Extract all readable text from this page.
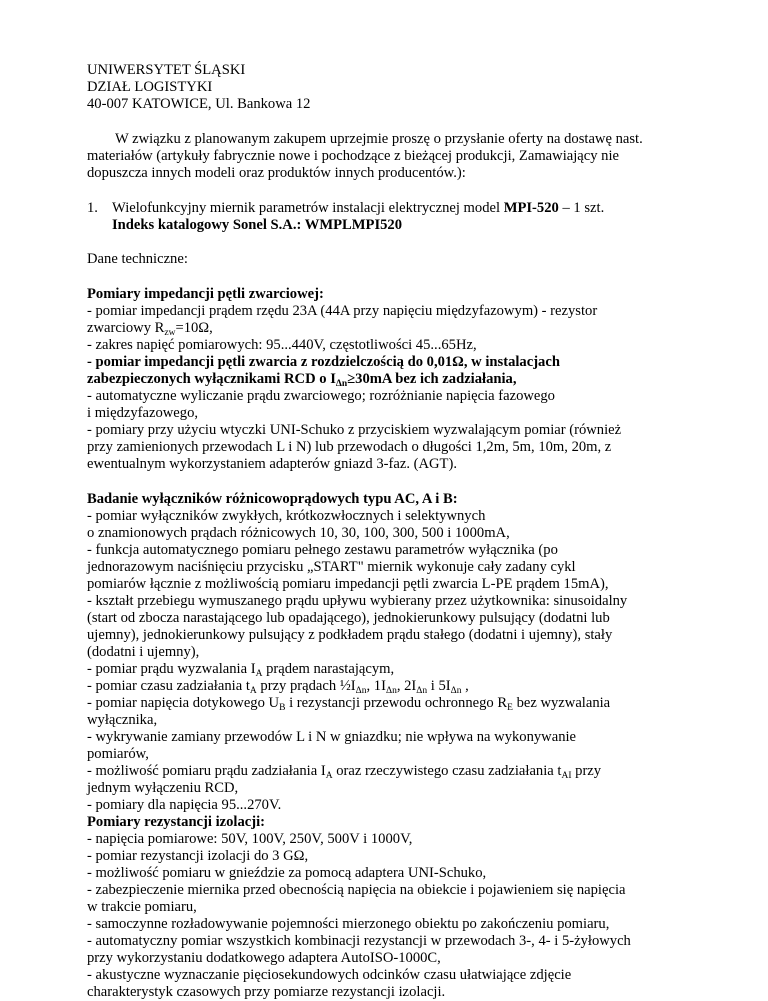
UNIWERSYTET ŚLĄSKI
DZIAŁ LOGISTYKI
40-007 KATOWICE, Ul. Bankowa 12
W związku z planowanym zakupem uprzejmie proszę o przysłanie oferty na dostawę nast.
materiałów (artykuły fabrycznie nowe i pochodzące z bieżącej produkcji, Zamawiający nie
dopuszcza innych modeli oraz produktów innych producentów.):
1. Wielofunkcyjny miernik parametrów instalacji elektrycznej model MPI-520 – 1 szt.
Indeks katalogowy Sonel S.A.: WMPLMPI520
Dane techniczne:
Pomiary impedancji pętli zwarciowej:
- pomiar impedancji prądem rzędu 23A (44A przy napięciu międzyfazowym) - rezystor
zwarciowy $R_{zw}=10\Omega$,
- zakres napięć pomiarowych: 95...440V, częstotliwości 45...65Hz,
- pomiar impedancji pętli zwarcia z rozdzielczością do 0,01Ω, w instalacjach
zabezpieczonych wyłącznikami RCD o $I_{\Delta n}\ge 30mA$ bez ich zadziałania,
- automatyczne wyliczanie prądu zwarciowego; rozróżnianie napięcia fazowego
i międzyfazowego,
- pomiary przy użyciu wtyczki UNI-Schuko z przyciskiem wyzwalającym pomiar (również
przy zamienionych przewodach L i N) lub przewodach o długości 1,2m, 5m, 10m, 20m, z
ewentualnym wykorzystaniem adapterów gniazd 3-faz. (AGT).
Badanie wyłączników różnicowoprądowych typu AC, A i B:
- pomiar wyłączników zwykłych, krótkozwłocznych i selektywnych
o znamionowych prądach różnicowych 10, 30, 100, 300, 500 i 1000mA,
- funkcja automatycznego pomiaru pełnego zestawu parametrów wyłącznika (po
jednorazowym naciśnięciu przycisku „START" miernik wykonuje cały zadany cykl
pomiarów łącznie z możliwością pomiaru impedancji pętli zwarcia L-PE prądem 15mA),
- kształt przebiegu wymuszanego prądu upływu wybierany przez użytkownika: sinusoidalny
(start od zbocza narastającego lub opadającego), jednokierunkowy pulsujący (dodatni lub
ujemny), jednokierunkowy pulsujący z podkładem prądu stałego (dodatni i ujemny), stały
(dodatni i ujemny),
- pomiar prądu wyzwalania $I_A$ prądem narastającym,
- pomiar czasu zadziałania $t_A$ przy prądach $\frac{1}{2}I_{\Delta n}$, $1I_{\Delta n}$, $2I_{\Delta n}$ i $5I_{\Delta n}$ ,
- pomiar napięcia dotykowego $U_B$ i rezystancji przewodu ochronnego $R_E$ bez wyzwalania
wyłącznika,
- wykrywanie zamiany przewodów L i N w gniazdku; nie wpływa na wykonywanie
pomiarów,
- możliwość pomiaru prądu zadziałania $I_A$ oraz rzeczywistego czasu zadziałania $t_{AI}$ przy
jednym wyłączeniu RCD,
- pomiary dla napięcia 95...270V.
Pomiary rezystancji izolacji:
- napięcia pomiarowe: 50V, 100V, 250V, 500V i 1000V,
- pomiar rezystancji izolacji do 3 GΩ,
- możliwość pomiaru w gnieździe za pomocą adaptera UNI-Schuko,
- zabezpieczenie miernika przed obecnością napięcia na obiekcie i pojawieniem się napięcia
w trakcie pomiaru,
- samoczynne rozładowywanie pojemności mierzonego obiektu po zakończeniu pomiaru,
- automatyczny pomiar wszystkich kombinacji rezystancji w przewodach 3-, 4- i 5-żyłowych
przy wykorzystaniu dodatkowego adaptera AutoISO-1000C,
- akustyczne wyznaczanie pięciosekundowych odcinków czasu ułatwiające zdjęcie
charakterystyk czasowych przy pomiarze rezystancji izolacji.
